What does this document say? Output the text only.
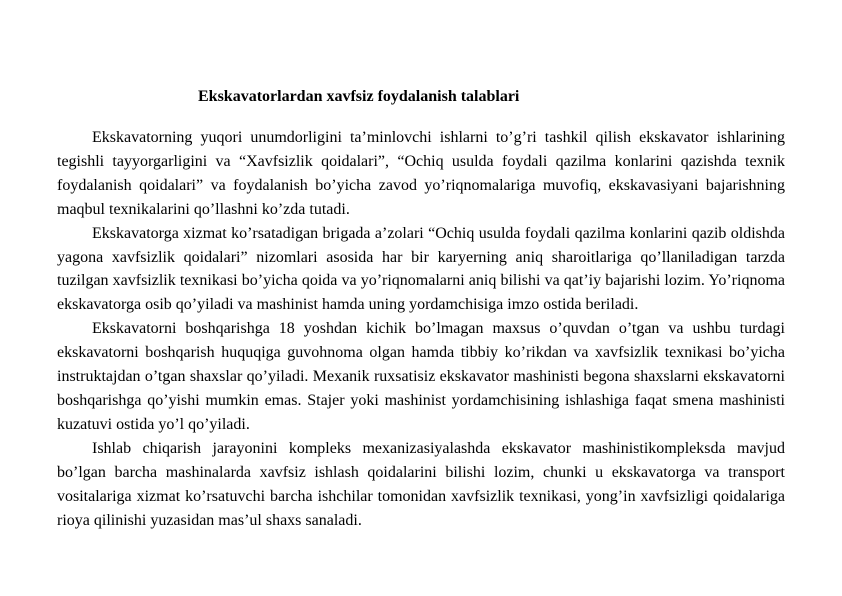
Ekskavatorlardan xavfsiz foydalanish talablari

Ekskavatorning yuqori unumdorligini ta’minlovchi ishlarni to’g’ri tashkil qilish ekskavator ishlarining tegishli tayyorgarligini va “Xavfsizlik qoidalari”, “Ochiq usulda foydali qazilma konlarini qazishda texnik foydalanish qoidalari” va foydalanish bo’yicha zavod yo’riqnomalariga muvofiq, ekskavasiyani bajarishning maqbul texnikalarini qo’llashni ko’zda tutadi.

Ekskavatorga xizmat ko’rsatadigan brigada a’zolari “Ochiq usulda foydali qazilma konlarini qazib oldishda yagona xavfsizlik qoidalari” nizomlari asosida har bir karyerning aniq sharoitlariga qo’llaniladigan tarzda tuzilgan xavfsizlik texnikasi bo’yicha qoida va yo’riqnomalarni aniq bilishi va qat’iy bajarishi lozim. Yo’riqnoma ekskavatorga osib qo’yiladi va mashinist hamda uning yordamchisiga imzo ostida beriladi.

Ekskavatorni boshqarishga 18 yoshdan kichik bo’lmagan maxsus o’quvdan o’tgan va ushbu turdagi ekskavatorni boshqarish huquqiga guvohnoma olgan hamda tibbiy ko’rikdan va xavfsizlik texnikasi bo’yicha instruktajdan o’tgan shaxslar qo’yiladi. Mexanik ruxsatisiz ekskavator mashinisti begona shaxslarni ekskavatorni boshqarishga qo’yishi mumkin emas. Stajer yoki mashinist yordamchisining ishlashiga faqat smena mashinisti kuzatuvi ostida yo’l qo’yiladi.

Ishlab chiqarish jarayonini kompleks mexanizasiyalashda ekskavator mashinistikompleksda mavjud bo’lgan barcha mashinalarda xavfsiz ishlash qoidalarini bilishi lozim, chunki u ekskavatorga va transport vositalariga xizmat ko’rsatuvchi barcha ishchilar tomonidan xavfsizlik texnikasi, yong’in xavfsizligi qoidalariga rioya qilinishi yuzasidan mas’ul shaxs sanaladi.
